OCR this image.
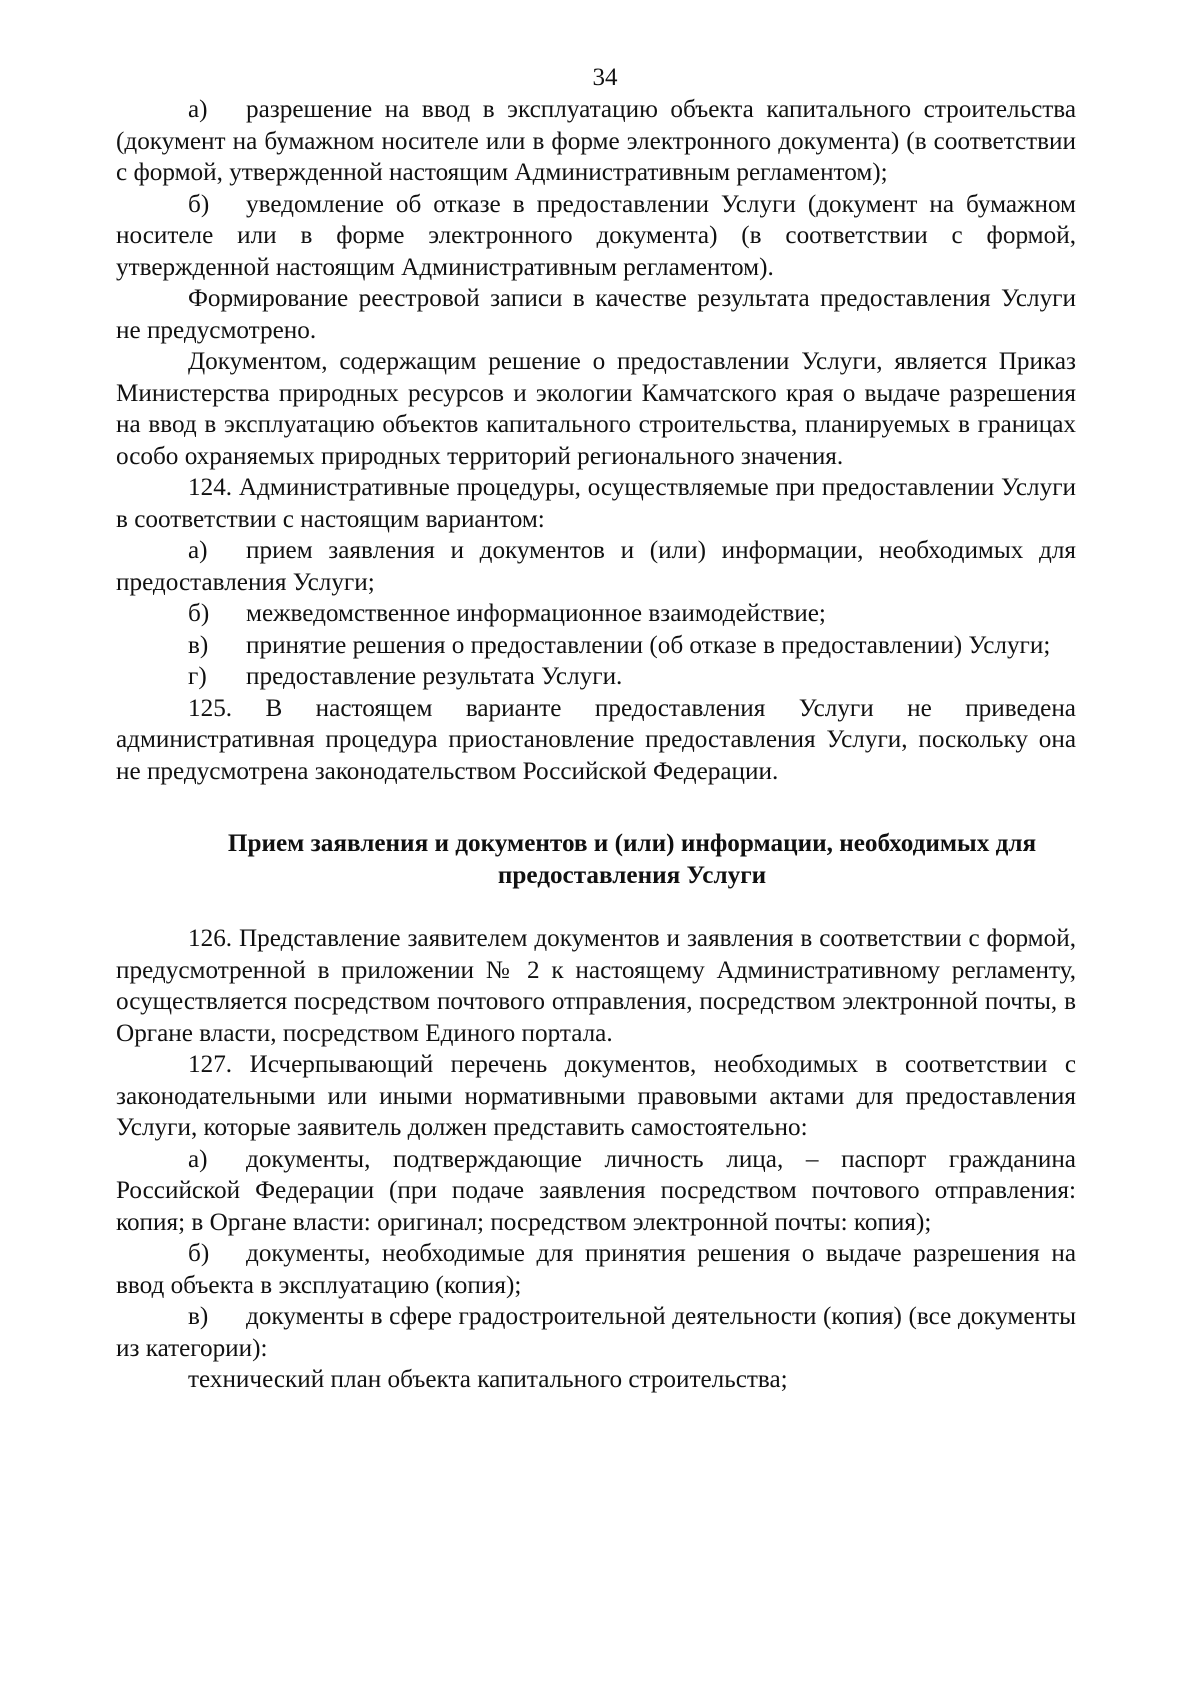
34

а) разрешение на ввод в эксплуатацию объекта капитального строительства (документ на бумажном носителе или в форме электронного документа) (в соответствии с формой, утвержденной настоящим Административным регламентом);

б) уведомление об отказе в предоставлении Услуги (документ на бумажном носителе или в форме электронного документа) (в соответствии с формой, утвержденной настоящим Административным регламентом).

Формирование реестровой записи в качестве результата предоставления Услуги не предусмотрено.

Документом, содержащим решение о предоставлении Услуги, является Приказ Министерства природных ресурсов и экологии Камчатского края о выдаче разрешения на ввод в эксплуатацию объектов капитального строительства, планируемых в границах особо охраняемых природных территорий регионального значения.

124. Административные процедуры, осуществляемые при предоставлении Услуги в соответствии с настоящим вариантом:

а) прием заявления и документов и (или) информации, необходимых для предоставления Услуги;

б) межведомственное информационное взаимодействие;

в) принятие решения о предоставлении (об отказе в предоставлении) Услуги;

г) предоставление результата Услуги.

125. В настоящем варианте предоставления Услуги не приведена административная процедура приостановление предоставления Услуги, поскольку она не предусмотрена законодательством Российской Федерации.

Прием заявления и документов и (или) информации, необходимых для предоставления Услуги

126. Представление заявителем документов и заявления в соответствии с формой, предусмотренной в приложении № 2 к настоящему Административному регламенту, осуществляется посредством почтового отправления, посредством электронной почты, в Органе власти, посредством Единого портала.

127. Исчерпывающий перечень документов, необходимых в соответствии с законодательными или иными нормативными правовыми актами для предоставления Услуги, которые заявитель должен представить самостоятельно:

а) документы, подтверждающие личность лица, – паспорт гражданина Российской Федерации (при подаче заявления посредством почтового отправления: копия; в Органе власти: оригинал; посредством электронной почты: копия);

б) документы, необходимые для принятия решения о выдаче разрешения на ввод объекта в эксплуатацию (копия);

в) документы в сфере градостроительной деятельности (копия) (все документы из категории):

технический план объекта капитального строительства;
